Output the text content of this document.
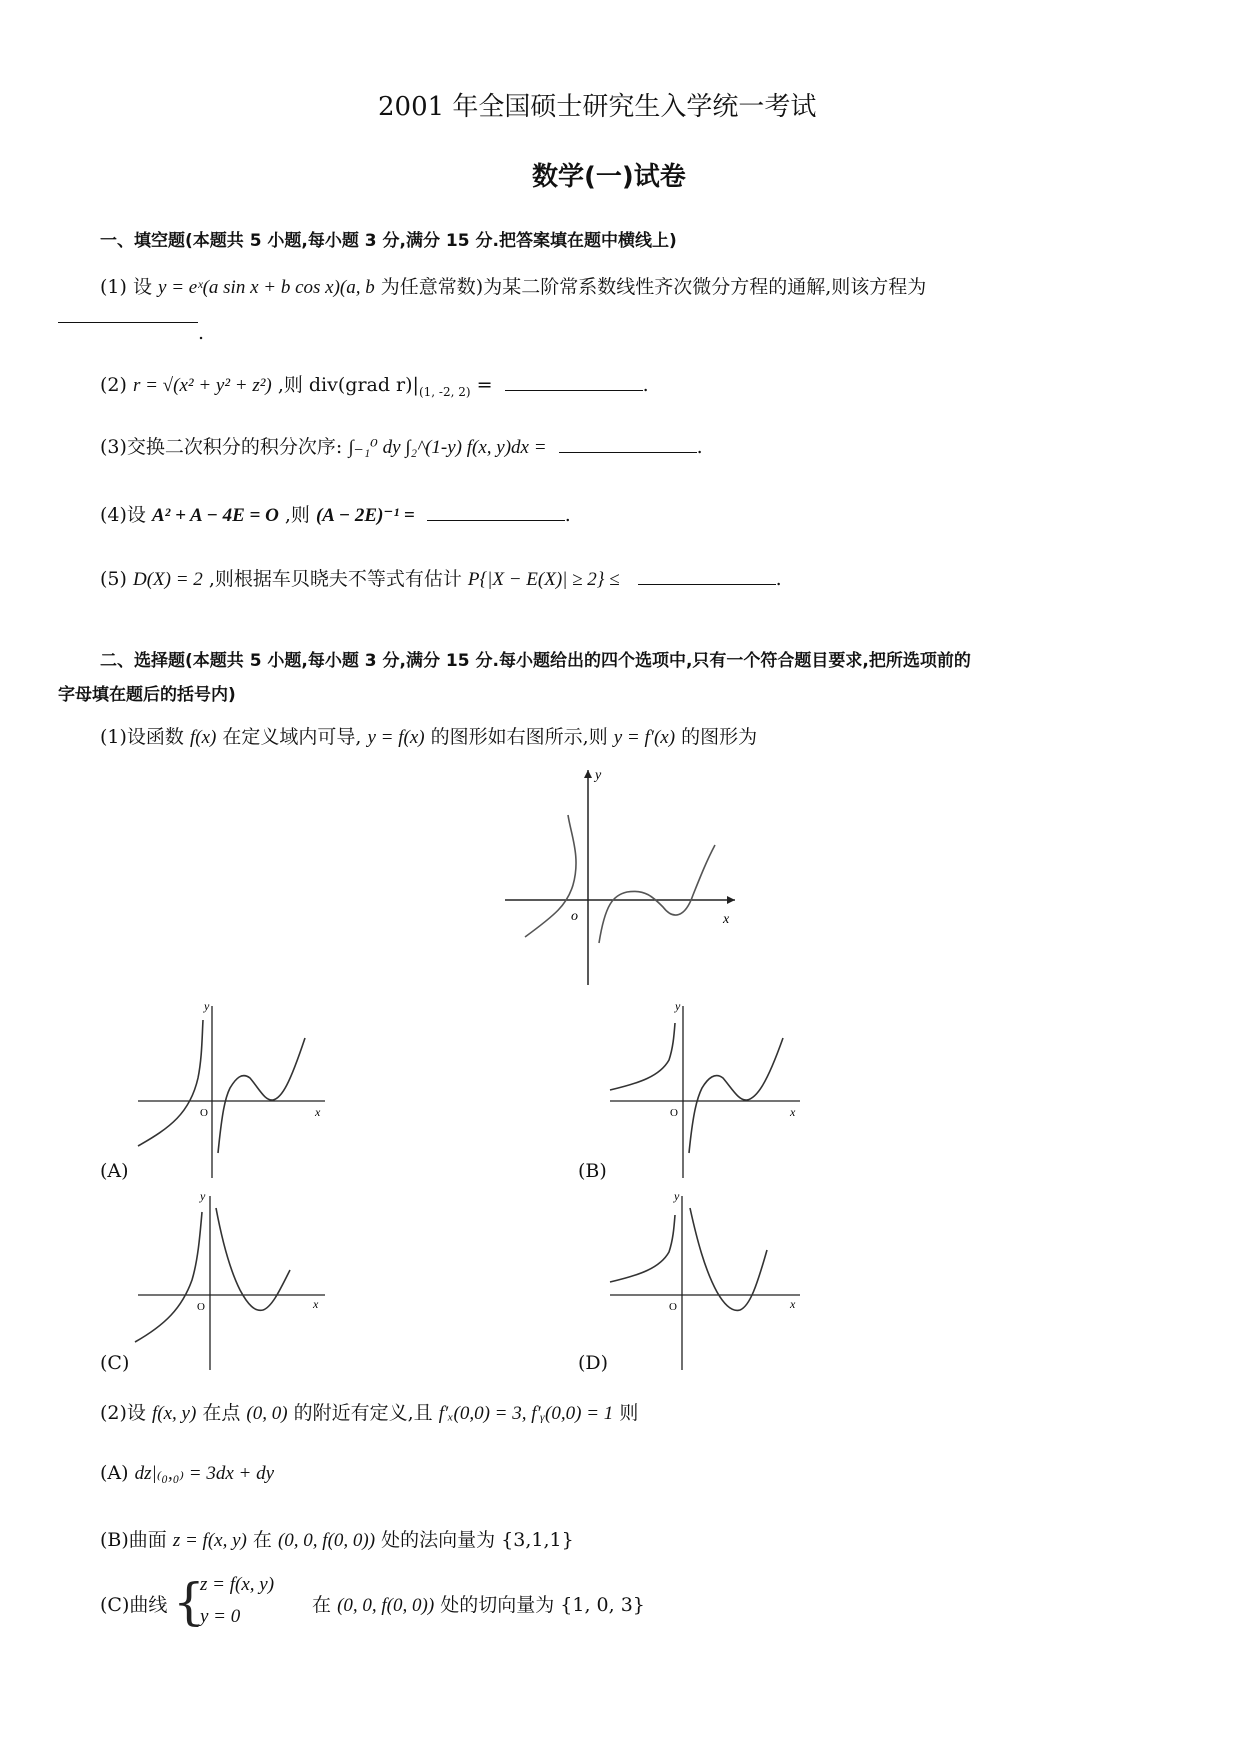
2001 年全国硕士研究生入学统一考试
数学(一)试卷
一、填空题(本题共 5 小题,每小题 3 分,满分 15 分.把答案填在题中横线上)
(1) 设 y = eˣ(a sin x + b cos x)(a, b 为任意常数)为某二阶常系数线性齐次微分方程的通解,则该方程为
.
(2) r = √(x² + y² + z²) ,则 div(grad $r)|_{(1, -2, 2)}$ =	.
(3)交换二次积分的积分次序: ∫₋₁⁰ dy ∫₂^(1-y) f(x, y)dx =	.
(4)设 A² + A − 4E = O ,则 (A − 2E)⁻¹ =	.
(5) D(X) = 2 ,则根据车贝晓夫不等式有估计 P{|X − E(X)| ≥ 2} ≤	.
二、选择题(本题共 5 小题,每小题 3 分,满分 15 分.每小题给出的四个选项中,只有一个符合题目要求,把所选项前的
字母填在题后的括号内)
(1)设函数 f(x) 在定义域内可导, y = f(x) 的图形如右图所示,则 y = f′(x) 的图形为
y
x
o
y
x
O
(A)
y
x
O
(B)
y
x
O
(C)
y
x
O
(D)
(2)设 f(x, y) 在点 (0, 0) 的附近有定义,且 f′ₓ(0,0) = 3, f′ᵧ(0,0) = 1 则
(A) dz|₍₀,₀₎ = 3dx + dy
(B)曲面 z = f(x, y) 在 (0, 0, f(0, 0)) 处的法向量为 {3,1,1}
(C)曲线 {
z = f(x, y)
y = 0
在 (0, 0, f(0, 0)) 处的切向量为 {1, 0, 3}
